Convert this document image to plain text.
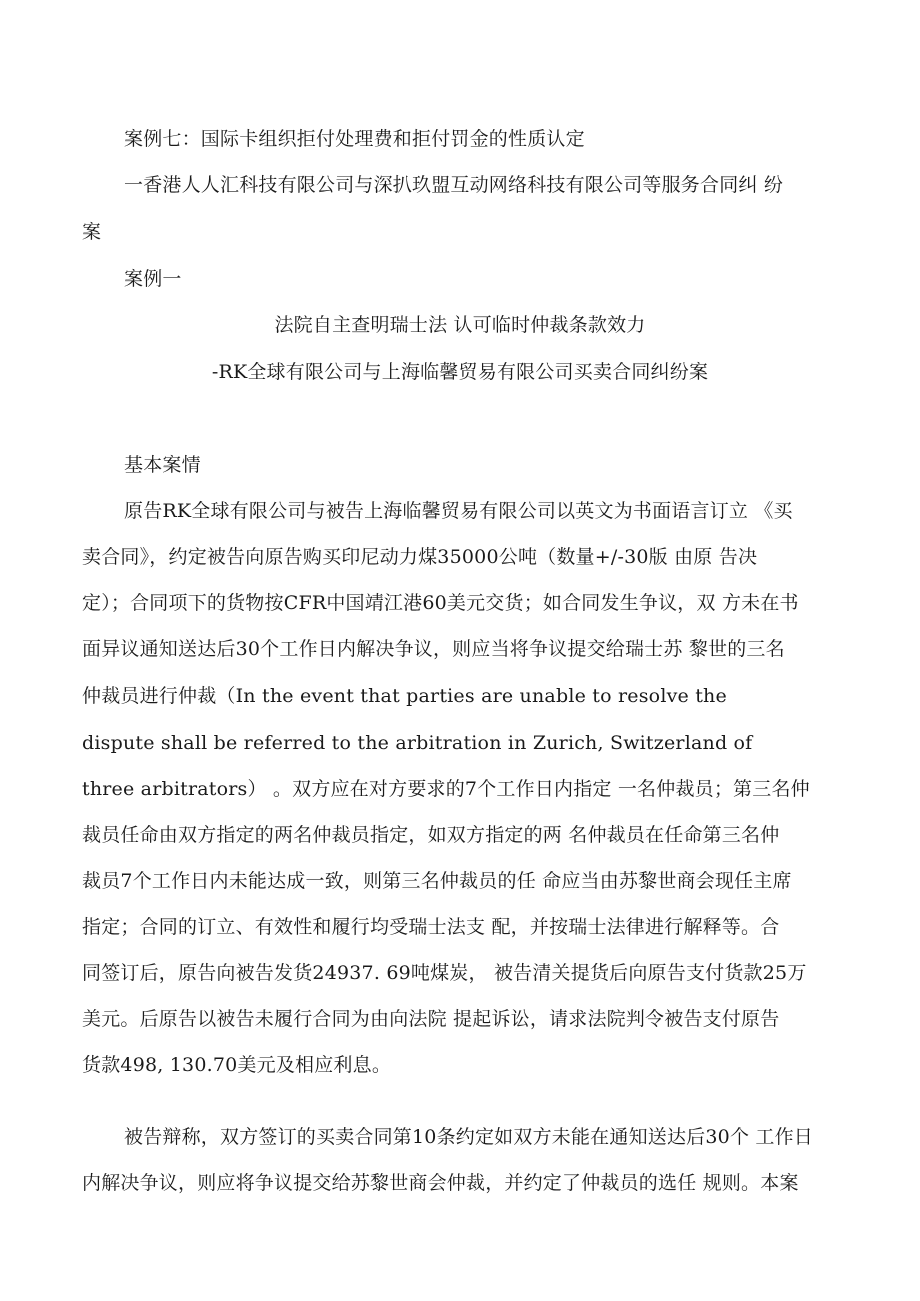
案例七：国际卡组织拒付处理费和拒付罚金的性质认定

一香港人人汇科技有限公司与深扒玖盟互动网络科技有限公司等服务合同纠 纷

案

案例一

法院自主查明瑞士法 认可临时仲裁条款效力

-RK全球有限公司与上海临馨贸易有限公司买卖合同纠纷案

基本案情

原告RK全球有限公司与被告上海临馨贸易有限公司以英文为书面语言订立 《买

卖合同》，约定被告向原告购买印尼动力煤35000公吨（数量+/-30版 由原 告决

定）；合同项下的货物按CFR中国靖江港60美元交货；如合同发生争议，双 方未在书

面异议通知送达后30个工作日内解决争议，则应当将争议提交给瑞士苏 黎世的三名

仲裁员进行仲裁（In the event that parties are unable to resolve the

dispute shall be referred to the arbitration in Zurich, Switzerland of

three arbitrators） 。双方应在对方要求的7个工作日内指定 一名仲裁员；第三名仲

裁员任命由双方指定的两名仲裁员指定，如双方指定的两 名仲裁员在任命第三名仲

裁员7个工作日内未能达成一致，则第三名仲裁员的任 命应当由苏黎世商会现任主席

指定；合同的订立、有效性和履行均受瑞士法支 配，并按瑞士法律进行解释等。合

同签订后，原告向被告发货24937. 69吨煤炭， 被告清关提货后向原告支付货款25万

美元。后原告以被告未履行合同为由向法院 提起诉讼，请求法院判令被告支付原告

货款498, 130.70美元及相应利息。

被告辩称，双方签订的买卖合同第10条约定如双方未能在通知送达后30个 工作日

内解决争议，则应将争议提交给苏黎世商会仲裁，并约定了仲裁员的选任 规则。本案
